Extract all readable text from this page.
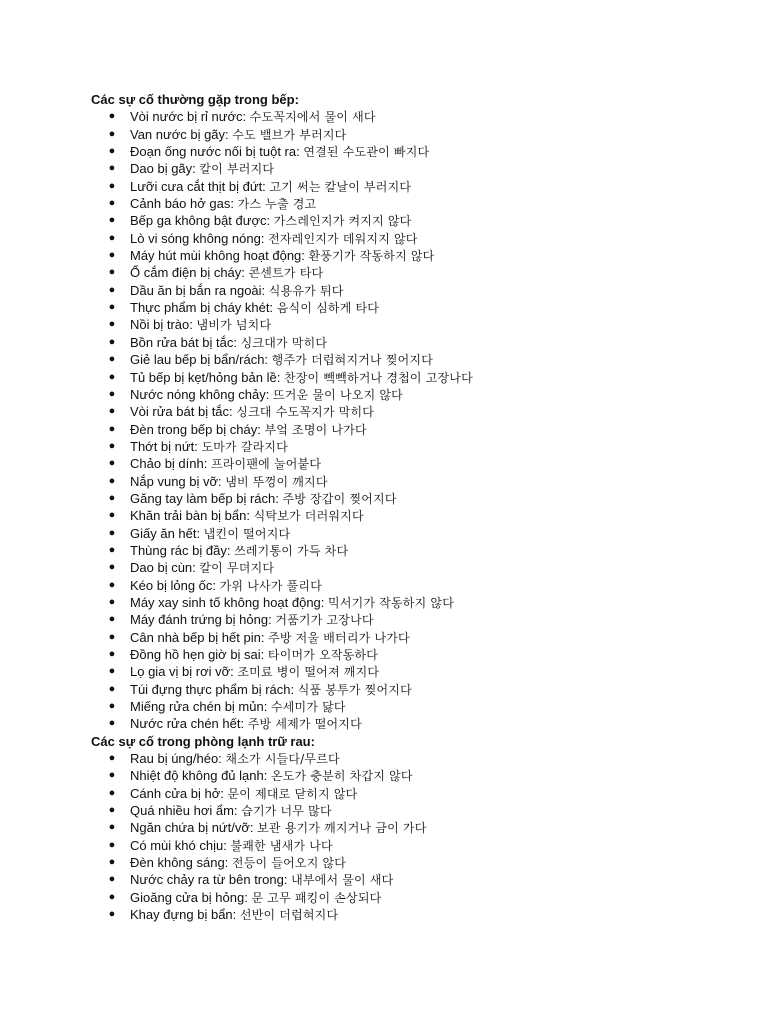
Các sự cố thường gặp trong bếp:
● Vòi nước bị rỉ nước: 수도꼭지에서 물이 새다
● Van nước bị gãy: 수도 밸브가 부러지다
● Đoạn ống nước nối bị tuột ra: 연결된 수도관이 빠지다
● Dao bị gãy: 칼이 부러지다
● Lưỡi cưa cắt thịt bị đứt: 고기 써는 칼날이 부러지다
● Cảnh báo hở gas: 가스 누출 경고
● Bếp ga không bật được: 가스레인지가 켜지지 않다
● Lò vi sóng không nóng: 전자레인지가 데워지지 않다
● Máy hút mùi không hoạt động: 환풍기가 작동하지 않다
● Ổ cắm điện bị cháy: 콘센트가 타다
● Dầu ăn bị bắn ra ngoài: 식용유가 튀다
● Thực phẩm bị cháy khét: 음식이 심하게 타다
● Nồi bị trào: 냄비가 넘치다
● Bồn rửa bát bị tắc: 싱크대가 막히다
● Giẻ lau bếp bị bẩn/rách: 행주가 더럽혀지거나 찢어지다
● Tủ bếp bị kẹt/hỏng bản lề: 찬장이 빽빽하거나 경첩이 고장나다
● Nước nóng không chảy: 뜨거운 물이 나오지 않다
● Vòi rửa bát bị tắc: 싱크대 수도꼭지가 막히다
● Đèn trong bếp bị cháy: 부엌 조명이 나가다
● Thớt bị nứt: 도마가 갈라지다
● Chảo bị dính: 프라이팬에 눌어붙다
● Nắp vung bị vỡ: 냄비 뚜껑이 깨지다
● Găng tay làm bếp bị rách: 주방 장갑이 찢어지다
● Khăn trải bàn bị bẩn: 식탁보가 더러워지다
● Giấy ăn hết: 냅킨이 떨어지다
● Thùng rác bị đầy: 쓰레기통이 가득 차다
● Dao bị cùn: 칼이 무뎌지다
● Kéo bị lỏng ốc: 가위 나사가 풀리다
● Máy xay sinh tố không hoạt động: 믹서기가 작동하지 않다
● Máy đánh trứng bị hỏng: 거품기가 고장나다
● Cân nhà bếp bị hết pin: 주방 저울 배터리가 나가다
● Đồng hồ hẹn giờ bị sai: 타이머가 오작동하다
● Lọ gia vị bị rơi vỡ: 조미료 병이 떨어져 깨지다
● Túi đựng thực phẩm bị rách: 식품 봉투가 찢어지다
● Miếng rửa chén bị mủn: 수세미가 닳다
● Nước rửa chén hết: 주방 세제가 떨어지다
Các sự cố trong phòng lạnh trữ rau:
● Rau bị úng/héo: 채소가 시들다/무르다
● Nhiệt độ không đủ lạnh: 온도가 충분히 차갑지 않다
● Cánh cửa bị hở: 문이 제대로 닫히지 않다
● Quá nhiều hơi ẩm: 습기가 너무 많다
● Ngăn chứa bị nứt/vỡ: 보관 용기가 깨지거나 금이 가다
● Có mùi khó chịu: 불쾌한 냄새가 나다
● Đèn không sáng: 전등이 들어오지 않다
● Nước chảy ra từ bên trong: 내부에서 물이 새다
● Gioăng cửa bị hỏng: 문 고무 패킹이 손상되다
● Khay đựng bị bẩn: 선반이 더럽혀지다
